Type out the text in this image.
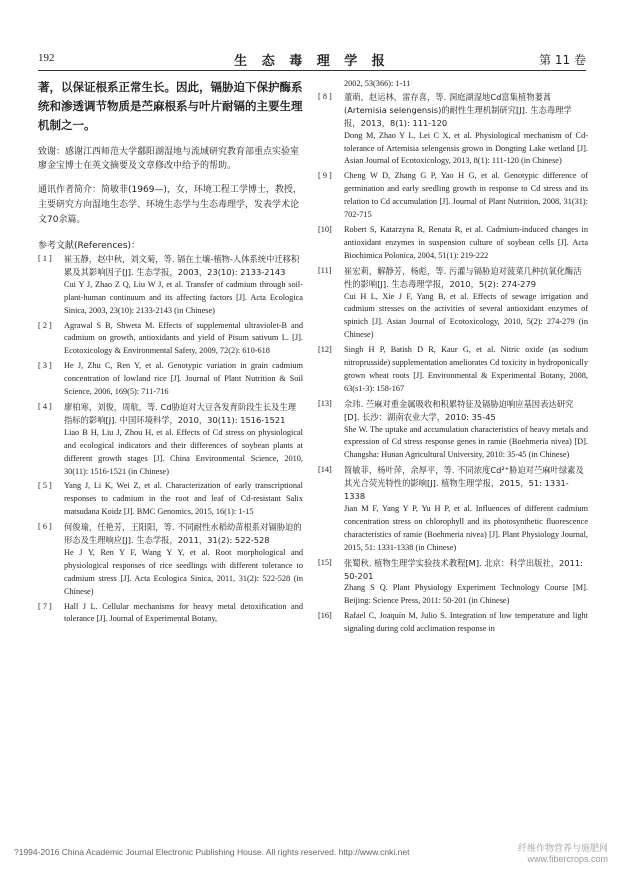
192	生 态 毒 理 学 报	第 11 卷

著，以保证根系正常生长。因此，镉胁迫下保护酶系统和渗透调节物质是苎麻根系与叶片耐镉的主要生理机制之一。

致谢：感谢江西师范大学鄱阳湖湿地与流域研究教育部重点实验室廖金宝博士在英文摘要及文章修改中给予的帮助。

通讯作者简介：简敏菲(1969—)，女，环境工程工学博士，教授，主要研究方向湿地生态学、环境生态学与生态毒理学，发表学术论文70余篇。

参考文献(References)：
[ 1 ]	崔玉静，赵中秋，刘文菊，等. 镉在土壤-植物-人体系统中迁移积累及其影响因子[J]. 生态学报，2003，23(10): 2133-2143
Cui Y J, Zhao Z Q, Liu W J, et al. Transfer of cadmium through soil-plant-human continuum and its affecting factors [J]. Acta Ecologica Sinica, 2003, 23(10): 2133-2143 (in Chinese)
[ 2 ]	Agrawal S B, Shweta M. Effects of supplemental ultraviolet-B and cadmium on growth, antioxidants and yield of Pisum sativum L. [J]. Ecotoxicology & Environmental Safety, 2009, 72(2): 610-618
[ 3 ]	He J, Zhu C, Ren Y, et al. Genotypic variation in grain cadmium concentration of lowland rice [J]. Journal of Plant Nutrition & Soil Science, 2006, 169(5): 711-716
[ 4 ]	廖柏寒，刘俊，周航，等. Cd胁迫对大豆各发育阶段生长及生理指标的影响[J]. 中国环境科学，2010，30(11): 1516-1521
Liao B H, Liu J, Zhou H, et al. Effects of Cd stress on physiological and ecological indicators and their differences of soybean plants at different growth stages [J]. China Environmental Science, 2010, 30(11): 1516-1521 (in Chinese)
[ 5 ]	Yang J, Li K, Wei Z, et al. Characterization of early transcriptional responses to cadmium in the root and leaf of Cd-resistant Salix matsudana Koidz [J]. BMC Genomics, 2015, 16(1): 1-15
[ 6 ]	何俊瑜，任艳芳，王阳阳，等. 不同耐性水稻幼苗根系对镉胁迫的形态及生理响应[J]. 生态学报，2011，31(2): 522-528
He J Y, Ren Y F, Wang Y Y, et al. Root morphological and physiological responses of rice seedlings with different tolerance to cadmium stress [J]. Acta Ecologica Sinica, 2011, 31(2): 522-528 (in Chinese)
[ 7 ]	Hall J L. Cellular mechanisms for heavy metal detoxification and tolerance [J]. Journal of Experimental Botany,
2002, 53(366): 1-11
[ 8 ]	董萌，赵运林，雷存喜，等. 洞庭湖湿地Cd富集植物蒌蒿(Artemisia selengensis)的耐性生理机制研究[J]. 生态毒理学报，2013，8(1): 111-120
Dong M, Zhao Y L, Lei C X, et al. Physiological mechanism of Cd-tolerance of Artemisia selengensis grown in Dongting Lake wetland [J]. Asian Journal of Ecotoxicology, 2013, 8(1): 111-120 (in Chinese)
[ 9 ]	Cheng W D, Zhang G P, Yao H G, et al. Genotypic difference of germination and early seedling growth in response to Cd stress and its relation to Cd accumulation [J]. Journal of Plant Nutrition, 2008, 31(31): 702-715
[10]	Robert S, Katarzyna R, Renata R, et al. Cadmium-induced changes in antioxidant enzymes in suspension culture of soybean cells [J]. Acta Biochimica Polonica, 2004, 51(1): 219-222
[11]	崔宏莉，解静芳，杨彪，等. 污灌与镉胁迫对菠菜几种抗氧化酶活性的影响[J]. 生态毒理学报，2010，5(2): 274-279
Cui H L, Xie J F, Yang B, et al. Effects of sewage irrigation and cadmium stresses on the activities of several antioxidant enzymes of spinich [J]. Asian Journal of Ecotoxicology, 2010, 5(2): 274-279 (in Chinese)
[12]	Singh H P, Batish D R, Kaur G, et al. Nitric oxide (as sodium nitroprusside) supplementation ameliorates Cd toxicity in hydroponically grown wheat roots [J]. Environmental & Experimental Botany, 2008, 63(s1-3): 158-167
[13]	佘玮. 苎麻对重金属吸收和积累特征及镉胁迫响应基因表达研究[D]. 长沙：湖南农业大学，2010: 35-45
She W. The uptake and accumulation characteristics of heavy metals and expression of Cd stress response genes in ramie (Boehmeria nivea) [D]. Changsha: Hunan Agricultural University, 2010: 35-45 (in Chinese)
[14]	简敏菲，杨叶萍，余厚平，等. 不同浓度Cd²⁺胁迫对苎麻叶绿素及其光合荧光特性的影响[J]. 植物生理学报，2015，51: 1331-1338
Jian M F, Yang Y P, Yu H P, et al. Influences of different cadmium concentration stress on chlorophyll and its photosynthetic fluorescence characteristics of ramie (Boehmeria nivea) [J]. Plant Physiology Journal, 2015, 51: 1331-1338 (in Chinese)
[15]	张蜀秋. 植物生理学实验技术教程[M]. 北京：科学出版社，2011: 50-201
Zhang S Q. Plant Physiology Experiment Technology Course [M]. Beijing: Science Press, 2011: 50-201 (in Chinese)
[16]	Rafael C, Joaquín M, Julio S. Integration of low temperature and light signaling during cold acclimation response in
?1994-2016 China Academic Journal Electronic Publishing House. All rights reserved. http://www.cnki.net	纤维作物营养与施肥网
www.fibercrops.com
